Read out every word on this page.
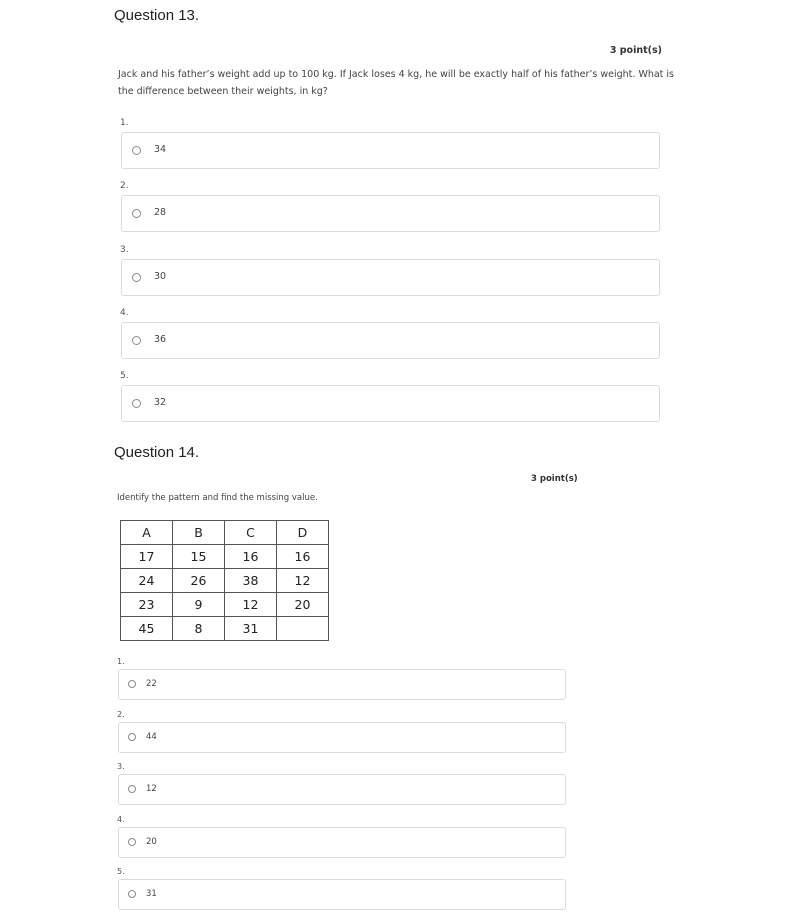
Question 13.
3 point(s)
Jack and his father’s weight add up to 100 kg. If Jack loses 4 kg, he will be exactly half of his father’s weight. What is
the difference between their weights, in kg?
1.
34
2.
28
3.
30
4.
36
5.
32
Question 14.
3 point(s)
Identify the pattern and find the missing value.
A	B	C	D
17	15	16	16
24	26	38	12
23	9	12	20
45	8	31	
1.
22
2.
44
3.
12
4.
20
5.
31
